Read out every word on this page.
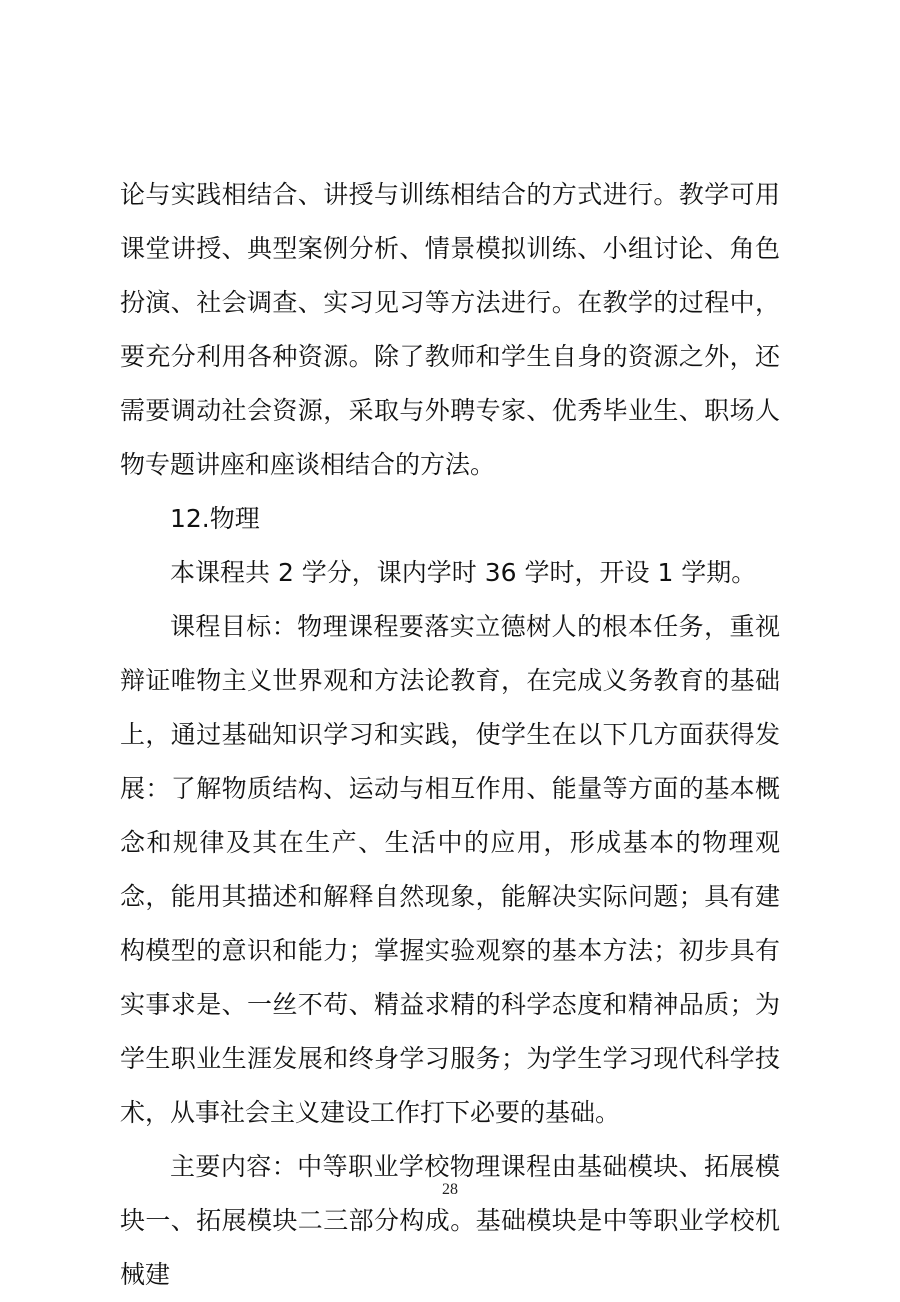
论与实践相结合、讲授与训练相结合的方式进行。教学可用课堂讲授、典型案例分析、情景模拟训练、小组讨论、角色扮演、社会调查、实习见习等方法进行。在教学的过程中，要充分利用各种资源。除了教师和学生自身的资源之外，还需要调动社会资源，采取与外聘专家、优秀毕业生、职场人物专题讲座和座谈相结合的方法。

12.物理

本课程共 2 学分，课内学时 36 学时，开设 1 学期。

课程目标：物理课程要落实立德树人的根本任务，重视辩证唯物主义世界观和方法论教育，在完成义务教育的基础上，通过基础知识学习和实践，使学生在以下几方面获得发展：了解物质结构、运动与相互作用、能量等方面的基本概念和规律及其在生产、生活中的应用，形成基本的物理观念，能用其描述和解释自然现象，能解决实际问题；具有建构模型的意识和能力；掌握实验观察的基本方法；初步具有实事求是、一丝不苟、精益求精的科学态度和精神品质；为学生职业生涯发展和终身学习服务；为学生学习现代科学技术，从事社会主义建设工作打下必要的基础。

主要内容：中等职业学校物理课程由基础模块、拓展模块一、拓展模块二三部分构成。基础模块是中等职业学校机械建

28
